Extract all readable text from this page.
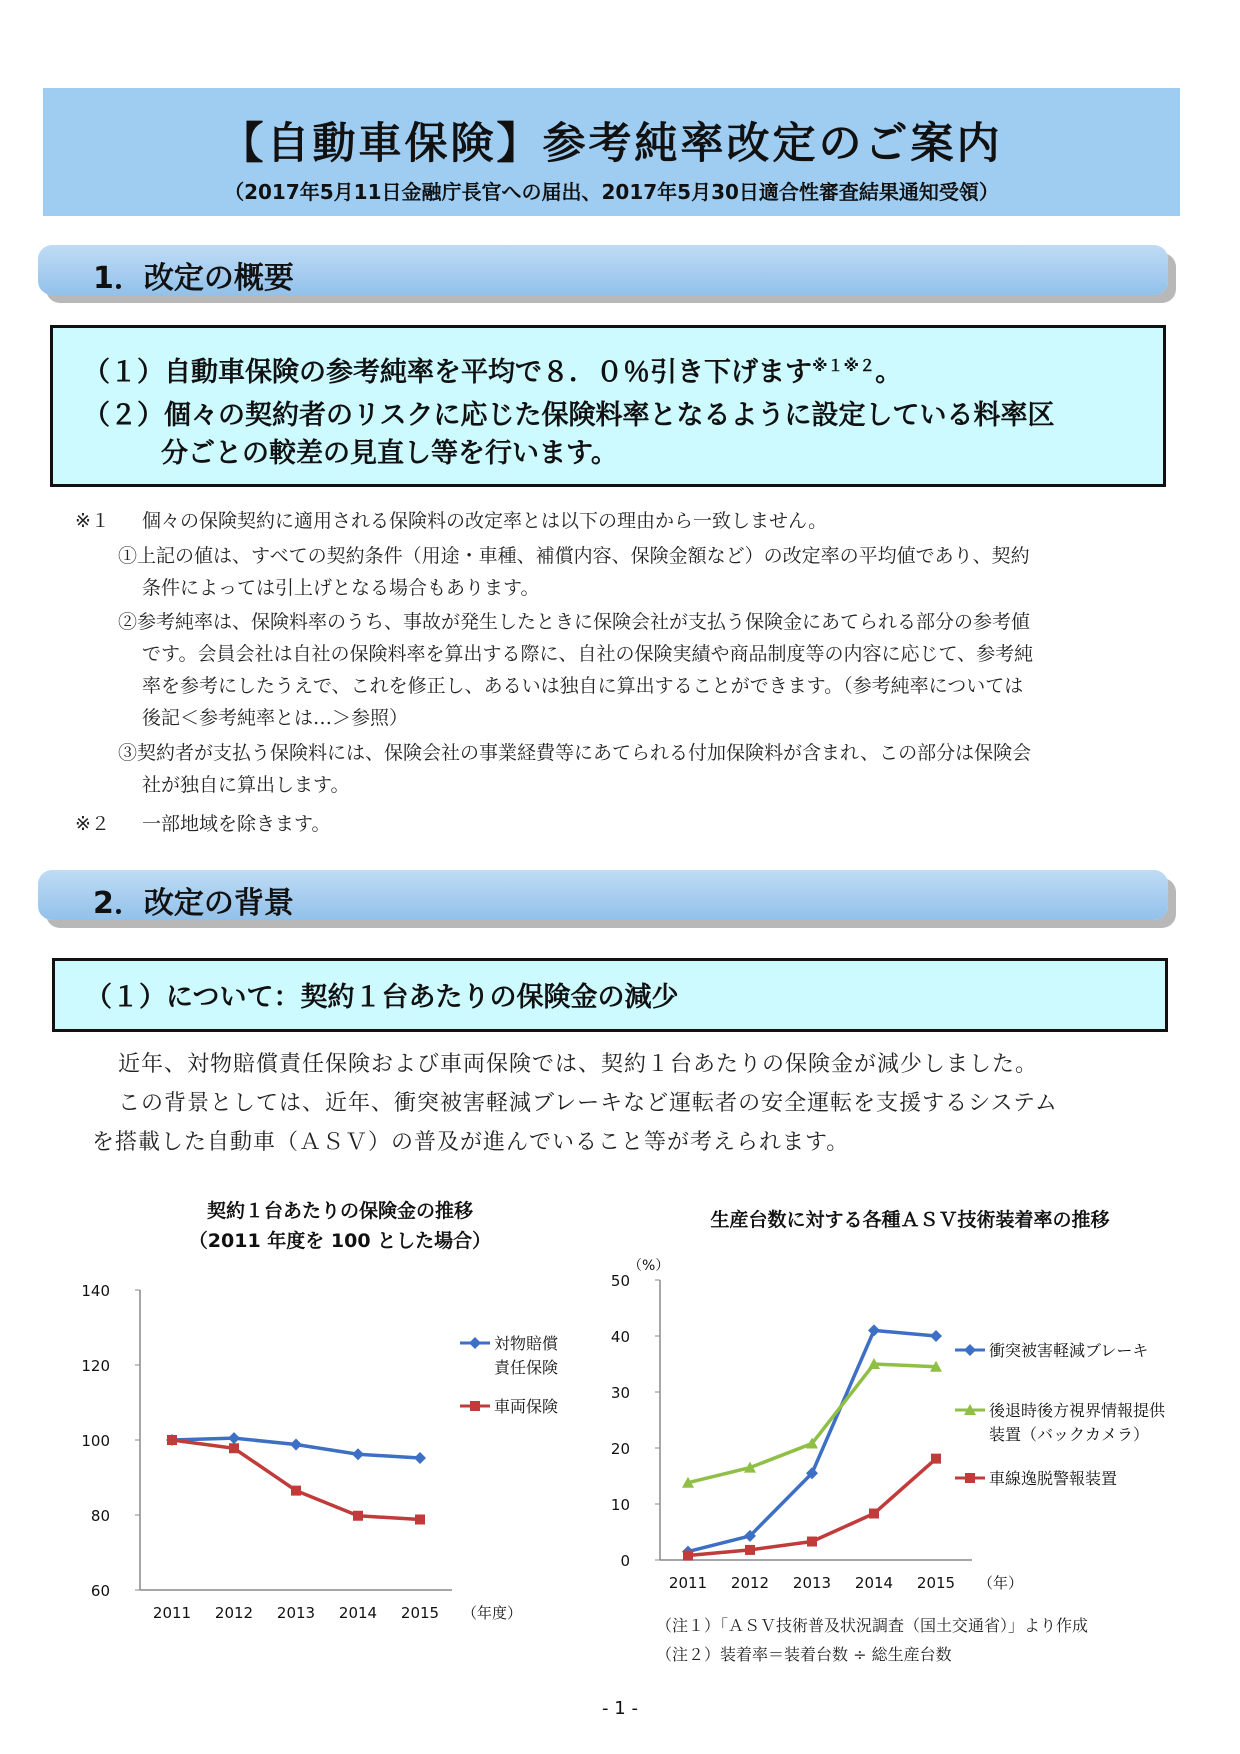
【自動車保険】参考純率改定のご案内
（2017年5月11日金融庁長官への届出、2017年5月30日適合性審査結果通知受領）
1．改定の概要
（１）自動車保険の参考純率を平均で８．０％引き下げます$^{※1※2}$。
（２）個々の契約者のリスクに応じた保険料率となるように設定している料率区
分ごとの較差の見直し等を行います。
※１ 個々の保険契約に適用される保険料の改定率とは以下の理由から一致しません。
①上記の値は、すべての契約条件（用途・車種、補償内容、保険金額など）の改定率の平均値であり、契約
条件によっては引上げとなる場合もあります。
②参考純率は、保険料率のうち、事故が発生したときに保険会社が支払う保険金にあてられる部分の参考値
です。会員会社は自社の保険料率を算出する際に、自社の保険実績や商品制度等の内容に応じて、参考純
率を参考にしたうえで、これを修正し、あるいは独自に算出することができます。（参考純率については
後記＜参考純率とは…＞参照）
③契約者が支払う保険料には、保険会社の事業経費等にあてられる付加保険料が含まれ、この部分は保険会
社が独自に算出します。
※２ 一部地域を除きます。
2．改定の背景
（１）について：契約１台あたりの保険金の減少
近年、対物賠償責任保険および車両保険では、契約１台あたりの保険金が減少しました。
この背景としては、近年、衝突被害軽減ブレーキなど運転者の安全運転を支援するシステム
を搭載した自動車（ＡＳＶ）の普及が進んでいること等が考えられます。
契約１台あたりの保険金の推移
（2011 年度を 100 とした場合）
生産台数に対する各種ＡＳＶ技術装着率の推移
60
80
100
120
140
2011 2012 2013 2014 2015 （年度）
対物賠償
責任保険
車両保険
0
10
20
30
40
50
2011 2012 2013 2014 2015 （年）
（%）
衝突被害軽減ブレーキ
後退時後方視界情報提供
装置（バックカメラ）
車線逸脱警報装置
（注１）「ＡＳＶ技術普及状況調査（国土交通省）」より作成
（注２）装着率＝装着台数 ÷ 総生産台数
- 1 -
